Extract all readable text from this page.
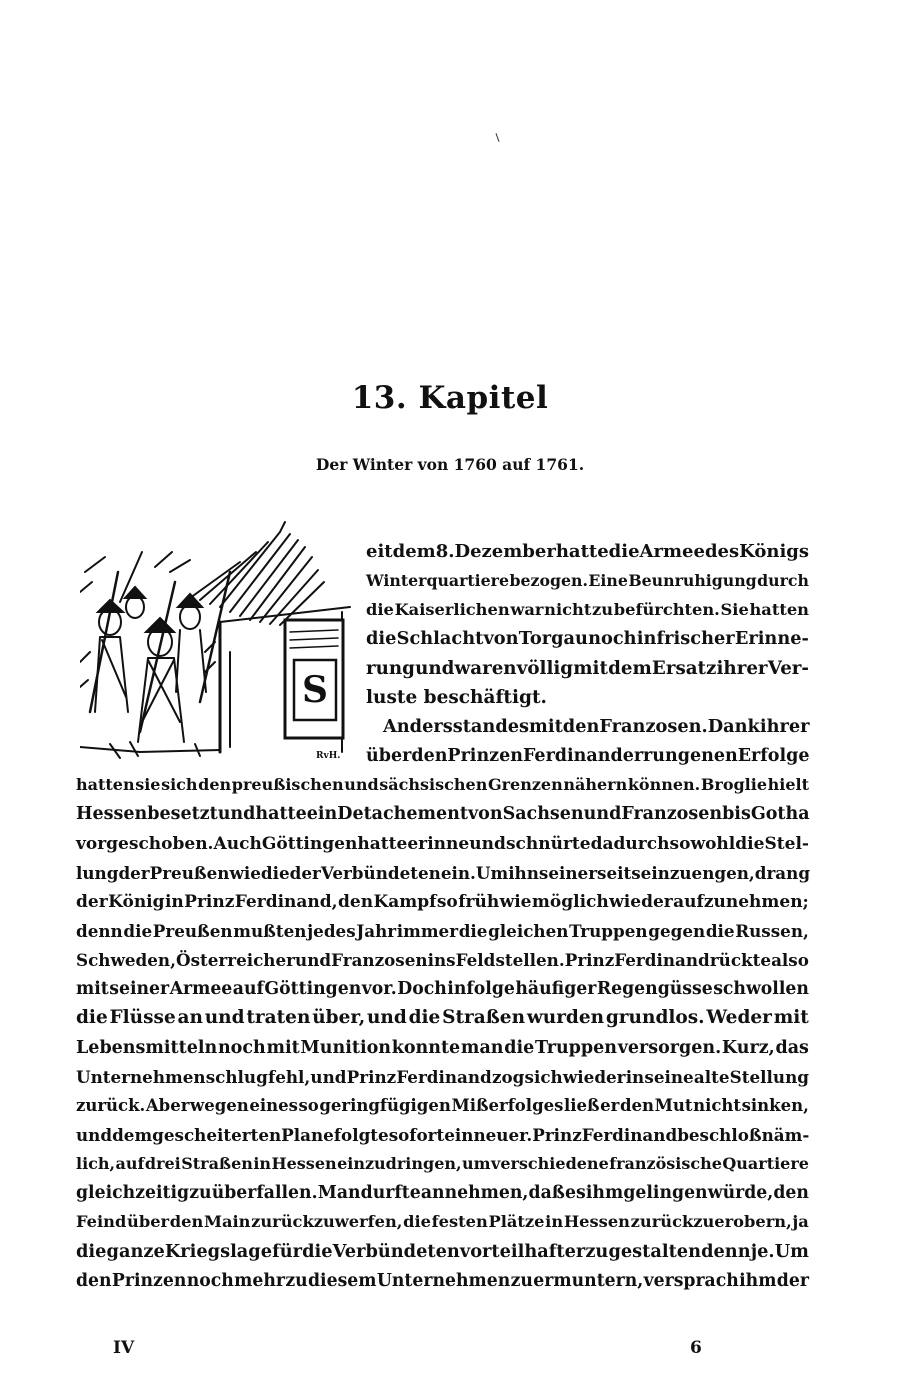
13. Kapitel
Der Winter von 1760 auf 1761.
S
RvH.
eit dem 8. Dezember hatte die Armee des Königs
Winterquartiere bezogen. Eine Beunruhigung durch
die Kaiserlichen war nicht zu befürchten. Sie hatten
die Schlacht von Torgau noch in frischer Erinne-
rung und waren völlig mit dem Ersatz ihrer Ver-
luste beschäftigt.
Anders stand es mit den Franzosen. Dank ihrer
über den Prinzen Ferdinand errungenen Erfolge
hatten sie sich den preußischen und sächsischen Grenzen nähern können. Broglie hielt
Hessen besetzt und hatte ein Detachement von Sachsen und Franzosen bis Gotha
vorgeschoben. Auch Göttingen hatte er inne und schnürte dadurch sowohl die Stel-
lung der Preußen wie die der Verbündeten ein. Um ihn seinerseits einzuengen, drang
der König in Prinz Ferdinand, den Kampf so früh wie möglich wieder aufzunehmen;
denn die Preußen mußten jedes Jahr immer die gleichen Truppen gegen die Russen,
Schweden, Österreicher und Franzosen ins Feld stellen. Prinz Ferdinand rückte also
mit seiner Armee auf Göttingen vor. Doch infolge häufiger Regengüsse schwollen
die Flüsse an und traten über, und die Straßen wurden grundlos. Weder mit
Lebensmitteln noch mit Munition konnte man die Truppen versorgen. Kurz, das
Unternehmen schlug fehl, und Prinz Ferdinand zog sich wieder in seine alte Stellung
zurück. Aber wegen eines so geringfügigen Mißerfolges ließ er den Mut nicht sinken,
und dem gescheiterten Plane folgte sofort ein neuer. Prinz Ferdinand beschloß näm-
lich, auf drei Straßen in Hessen einzudringen, um verschiedene französische Quartiere
gleichzeitig zu überfallen. Man durfte annehmen, daß es ihm gelingen würde, den
Feind über den Main zurückzuwerfen, die festen Plätze in Hessen zurückzuerobern, ja
die ganze Kriegslage für die Verbündeten vorteilhafter zu gestalten denn je. Um
den Prinzen noch mehr zu diesem Unternehmen zu ermuntern, versprach ihm der
IV	6
